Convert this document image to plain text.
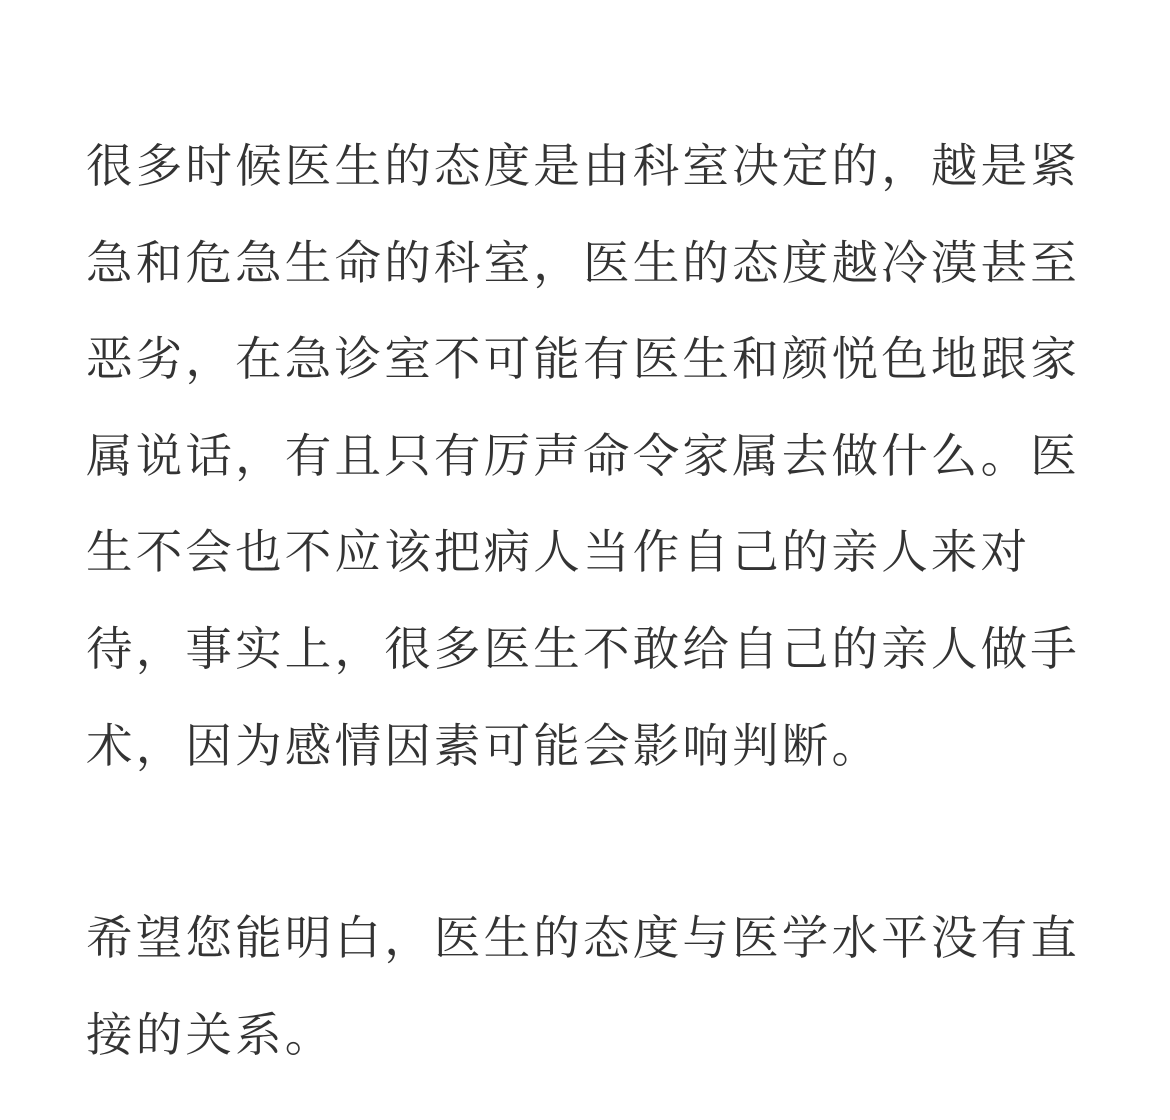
很多时候医生的态度是由科室决定的，越是紧急和危急生命的科室，医生的态度越冷漠甚至恶劣，在急诊室不可能有医生和颜悦色地跟家属说话，有且只有厉声命令家属去做什么。医生不会也不应该把病人当作自己的亲人来对待，事实上，很多医生不敢给自己的亲人做手术，因为感情因素可能会影响判断。

希望您能明白，医生的态度与医学水平没有直接的关系。
